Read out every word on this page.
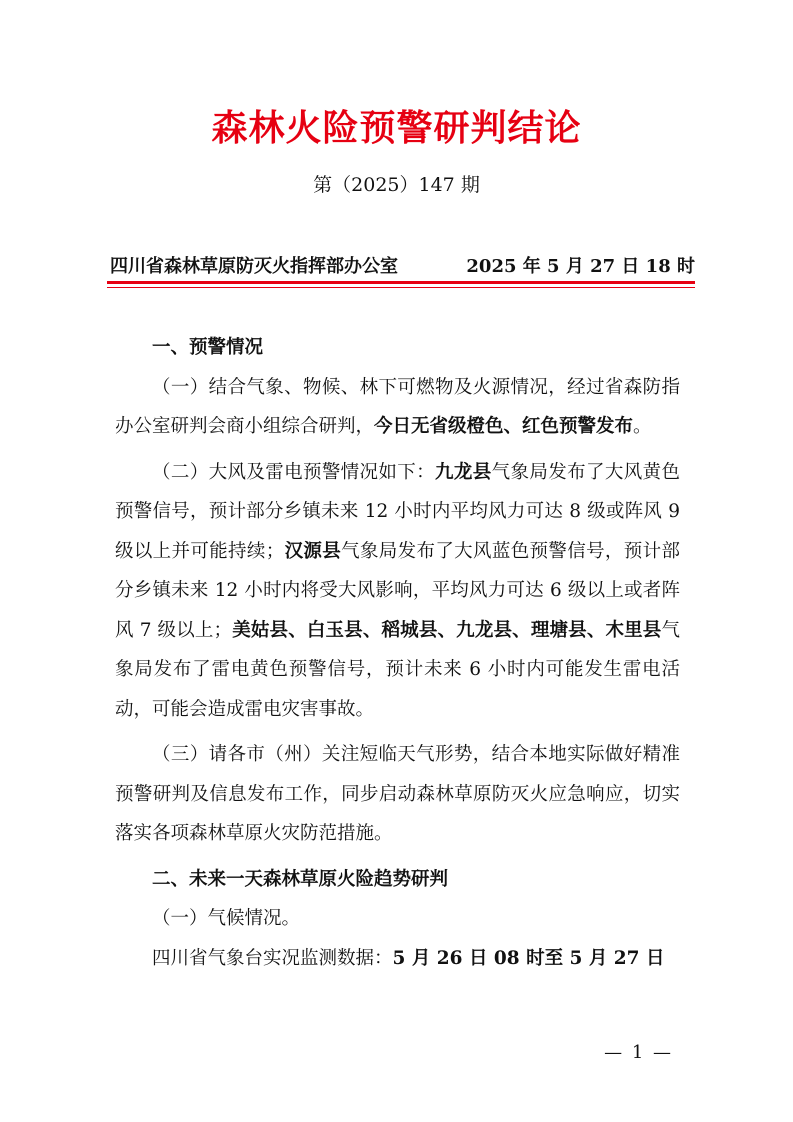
森林火险预警研判结论
第（2025）147 期
四川省森林草原防灭火指挥部办公室	2025 年 5 月 27 日 18 时

一、预警情况

（一）结合气象、物候、林下可燃物及火源情况，经过省森防指办公室研判会商小组综合研判，今日无省级橙色、红色预警发布。

（二）大风及雷电预警情况如下：九龙县气象局发布了大风黄色预警信号，预计部分乡镇未来 12 小时内平均风力可达 8 级或阵风 9 级以上并可能持续；汉源县气象局发布了大风蓝色预警信号，预计部分乡镇未来 12 小时内将受大风影响，平均风力可达 6 级以上或者阵风 7 级以上；美姑县、白玉县、稻城县、九龙县、理塘县、木里县气象局发布了雷电黄色预警信号，预计未来 6 小时内可能发生雷电活动，可能会造成雷电灾害事故。

（三）请各市（州）关注短临天气形势，结合本地实际做好精准预警研判及信息发布工作，同步启动森林草原防灭火应急响应，切实落实各项森林草原火灾防范措施。

二、未来一天森林草原火险趋势研判

（一）气候情况。

四川省气象台实况监测数据：5 月 26 日 08 时至 5 月 27 日

— 1 —
